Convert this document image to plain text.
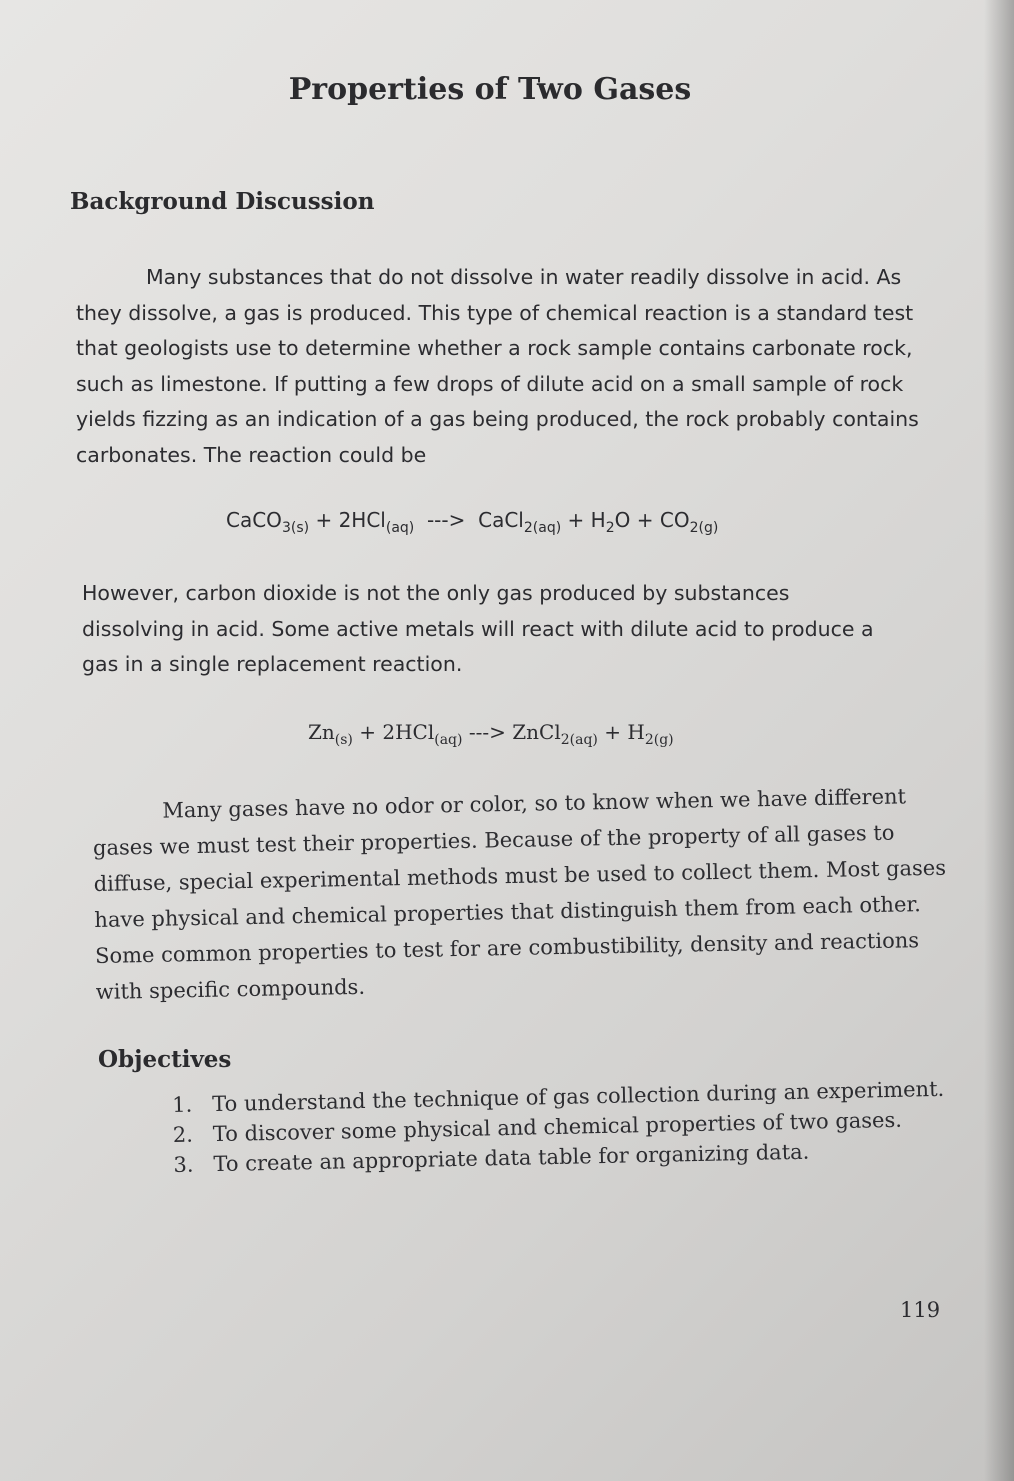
Properties of Two Gases
Background Discussion

Many substances that do not dissolve in water readily dissolve in acid. As they dissolve, a gas is produced. This type of chemical reaction is a standard test that geologists use to determine whether a rock sample contains carbonate rock, such as limestone. If putting a few drops of dilute acid on a small sample of rock yields fizzing as an indication of a gas being produced, the rock probably contains carbonates. The reaction could be

CaCO$_{3(s)}$ + 2HCl$_{(aq)}$ ---> CaCl$_{2(aq)}$ + $H_2O + CO_{2(g)}$

However, carbon dioxide is not the only gas produced by substances dissolving in acid. Some active metals will react with dilute acid to produce a gas in a single replacement reaction.

$Zn_{(s)} + 2HCl_{(aq)}$ ---> ZnCl$_{2(aq)}$ + $H_{2(g)}$

Many gases have no odor or color, so to know when we have different gases we must test their properties. Because of the property of all gases to diffuse, special experimental methods must be used to collect them. Most gases have physical and chemical properties that distinguish them from each other. Some common properties to test for are combustibility, density and reactions with specific compounds.

Objectives
1. To understand the technique of gas collection during an experiment.
2. To discover some physical and chemical properties of two gases.
3. To create an appropriate data table for organizing data.
119
